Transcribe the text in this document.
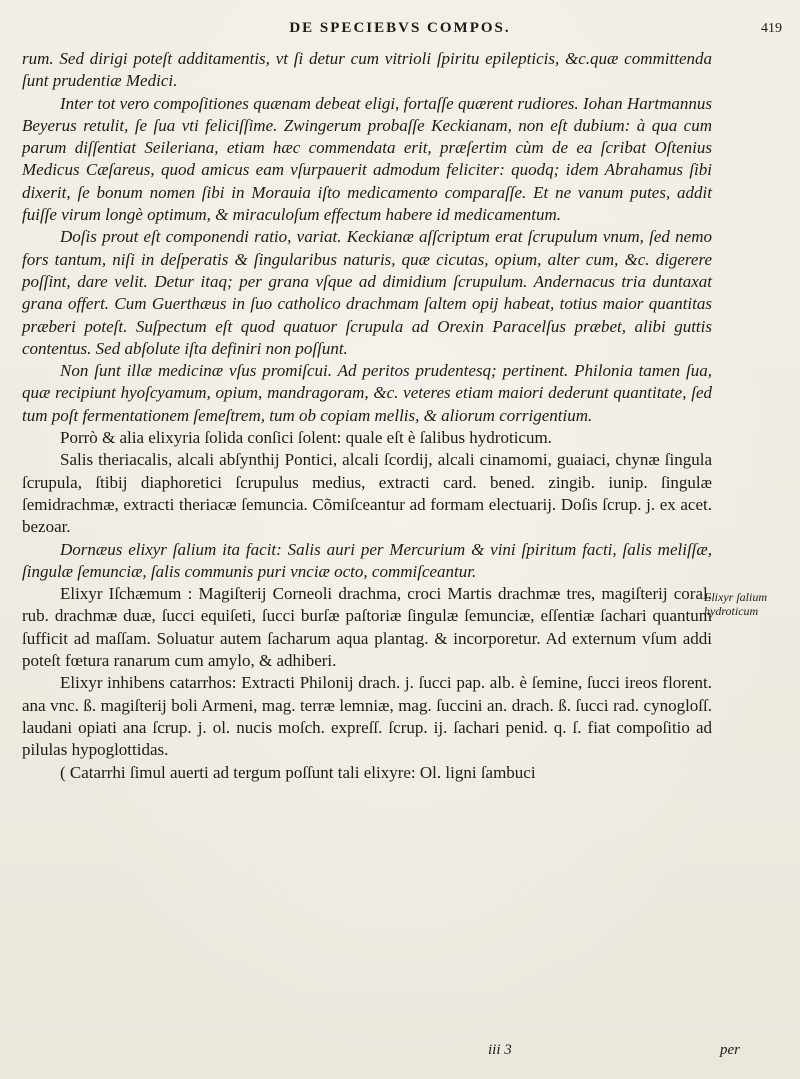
DE SPECIEBVS COMPOS.	419

rum. Sed dirigi poteſt additamentis, vt ſi detur cum vitrioli ſpiritu epilepticis, &c.quæ committenda ſunt prudentiæ Medici.

Inter tot vero compoſitiones quænam debeat eligi, fortaſſe quærent rudiores. Iohan Hartmannus Beyerus retulit, ſe ſua vti feliciſſime. Zwingerum probaſſe Keckianam, non eſt dubium: à qua cum parum diſſentiat Seileriana, etiam hæc commendata erit, præſertim cùm de ea ſcribat Oſtenius Medicus Cæſareus, quod amicus eam vſurpauerit admodum feliciter: quodq; idem Abrahamus ſibi dixerit, ſe bonum nomen ſibi in Morauia iſto medicamento comparaſſe. Et ne vanum putes, addit fuiſſe virum longè optimum, & miraculoſum effectum habere id medicamentum.

Doſis prout eſt componendi ratio, variat. Keckianæ aſſcriptum erat ſcrupulum vnum, ſed nemo fors tantum, niſi in deſperatis & ſingularibus naturis, quæ cicutas, opium, alter cum, &c. digerere poſſint, dare velit. Detur itaq; per grana vſque ad dimidium ſcrupulum. Andernacus tria duntaxat grana offert. Cum Guerthæus in ſuo catholico drachmam ſaltem opij habeat, totius maior quantitas præberi poteſt. Suſpectum eſt quod quatuor ſcrupula ad Orexin Paracelſus præbet, alibi guttis contentus. Sed abſolute iſta definiri non poſſunt.

Non ſunt illæ medicinæ vſus promiſcui. Ad peritos prudentesq; pertinent. Philonia tamen ſua, quæ recipiunt hyoſcyamum, opium, mandragoram, &c. veteres etiam maiori dederunt quantitate, ſed tum poſt fermentationem ſemeſtrem, tum ob copiam mellis, & aliorum corrigentium.

Porrò & alia elixyria ſolida conſici ſolent: quale eſt è ſalibus hydroticum.

Salis theriacalis, alcali abſynthij Pontici, alcali ſcordij, alcali cinamomi, guaiaci, chynæ ſingula ſcrupula, ſtibij diaphoretici ſcrupulus medius, extracti card. bened. zingib. iunip. ſingulæ ſemidrachmæ, extracti theriacæ ſemuncia. Cõmiſceantur ad formam electuarij. Doſis ſcrup. j. ex acet. bezoar.

Dornæus elixyr ſalium ita facit: Salis auri per Mercurium & vini ſpiritum facti, ſalis meliſſæ, ſingulæ ſemunciæ, ſalis communis puri vnciæ octo, commiſceantur.

Elixyr Iſchæmum : Magiſterij Corneoli drachma, croci Martis drachmæ tres, magiſterij coral. rub. drachmæ duæ, ſucci equiſeti, ſucci burſæ paſtoriæ ſingulæ ſemunciæ, eſſentiæ ſachari quantum ſufficit ad maſſam. Soluatur autem ſacharum aqua plantag. & incorporetur. Ad externum vſum addi poteſt fœtura ranarum cum amylo, & adhiberi.

Elixyr inhibens catarrhos: Extracti Philonij drach. j. ſucci pap. alb. è ſemine, ſucci ireos florent. ana vnc. ß. magiſterij boli Armeni, mag. terræ lemniæ, mag. ſuccini an. drach. ß. ſucci rad. cynogloſſ. laudani opiati ana ſcrup. j. ol. nucis moſch. expreſſ. ſcrup. ij. ſachari penid. q. ſ. fiat compoſitio ad pilulas hypoglottidas.

( Catarrhi ſimul auerti ad tergum poſſunt tali elixyre: Ol. ligni ſambuci

Elixyr ſalium hydroticum
iii 3	per
